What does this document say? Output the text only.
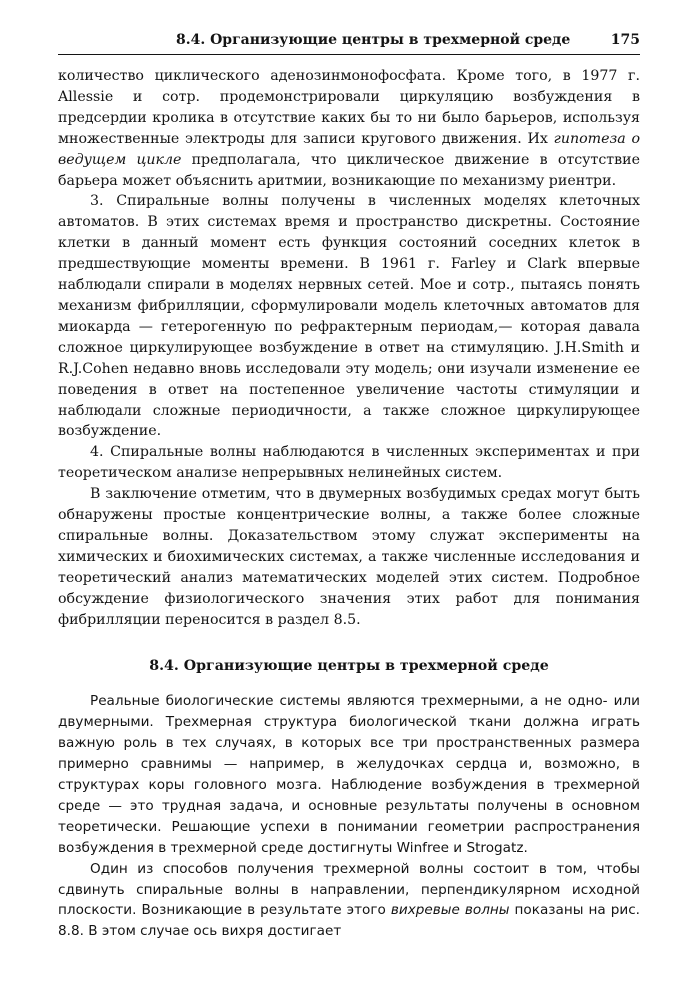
8.4. Организующие центры в трехмерной среде	175

количество циклического аденозинмонофосфата. Кроме того, в 1977 г. Allessie и сотр. продемонстрировали циркуляцию возбуждения в предсердии кролика в отсутствие каких бы то ни было барьеров, используя множественные электроды для записи кругового движения. Их гипотеза о ведущем цикле предполагала, что циклическое движение в отсутствие барьера может объяснить аритмии, возникающие по механизму риентри.

3. Спиральные волны получены в численных моделях клеточных автоматов. В этих системах время и пространство дискретны. Состояние клетки в данный момент есть функция состояний соседних клеток в предшествующие моменты времени. В 1961 г. Farley и Clark впервые наблюдали спирали в моделях нервных сетей. Moe и сотр., пытаясь понять механизм фибрилляции, сформулировали модель клеточных автоматов для миокарда — гетерогенную по рефрактерным периодам,— которая давала сложное циркулирующее возбуждение в ответ на стимуляцию. J.H.Smith и R.J.Cohen недавно вновь исследовали эту модель; они изучали изменение ее поведения в ответ на постепенное увеличение частоты стимуляции и наблюдали сложные периодичности, а также сложное циркулирующее возбуждение.

4. Спиральные волны наблюдаются в численных экспериментах и при теоретическом анализе непрерывных нелинейных систем.

В заключение отметим, что в двумерных возбудимых средах могут быть обнаружены простые концентрические волны, а также более сложные спиральные волны. Доказательством этому служат эксперименты на химических и биохимических системах, а также численные исследования и теоретический анализ математических моделей этих систем. Подробное обсуждение физиологического значения этих работ для понимания фибрилляции переносится в раздел 8.5.

8.4. Организующие центры в трехмерной среде

Реальные биологические системы являются трехмерными, а не одно- или двумерными. Трехмерная структура биологической ткани должна играть важную роль в тех случаях, в которых все три пространственных размера примерно сравнимы — например, в желудочках сердца и, возможно, в структурах коры головного мозга. Наблюдение возбуждения в трехмерной среде — это трудная задача, и основные результаты получены в основном теоретически. Решающие успехи в понимании геометрии распространения возбуждения в трехмерной среде достигнуты Winfree и Strogatz.

Один из способов получения трехмерной волны состоит в том, чтобы сдвинуть спиральные волны в направлении, перпендикулярном исходной плоскости. Возникающие в результате этого вихревые волны показаны на рис. 8.8. В этом случае ось вихря достигает
